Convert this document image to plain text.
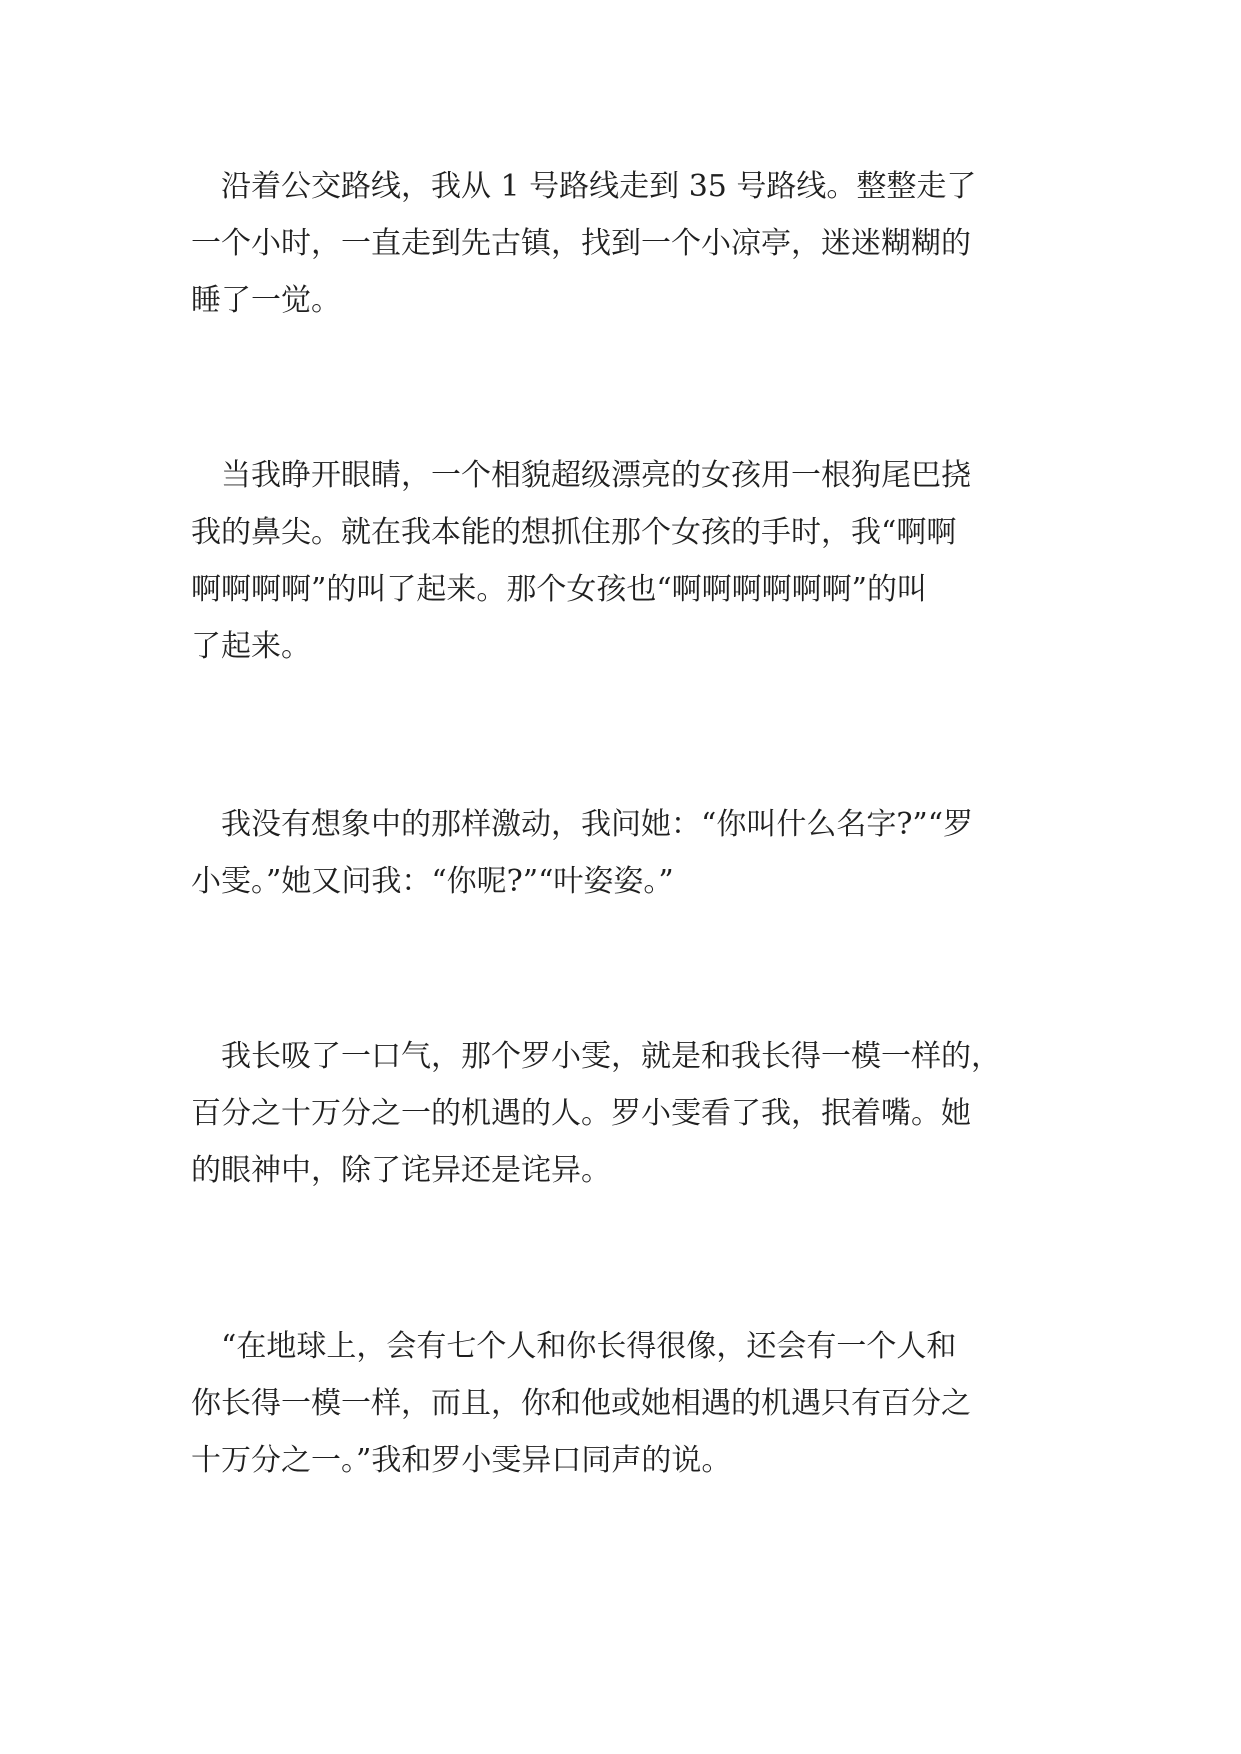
　沿着公交路线，我从 1 号路线走到 35 号路线。整整走了
一个小时，一直走到先古镇，找到一个小凉亭，迷迷糊糊的
睡了一觉。

　当我睁开眼睛，一个相貌超级漂亮的女孩用一根狗尾巴挠
我的鼻尖。就在我本能的想抓住那个女孩的手时，我“啊啊
啊啊啊啊”的叫了起来。那个女孩也“啊啊啊啊啊啊”的叫
了起来。

　我没有想象中的那样激动，我问她：“你叫什么名字?”“罗
小雯。”她又问我：“你呢?”“叶姿姿。”

　我长吸了一口气，那个罗小雯，就是和我长得一模一样的，
百分之十万分之一的机遇的人。罗小雯看了我，抿着嘴。她
的眼神中，除了诧异还是诧异。

　“在地球上，会有七个人和你长得很像，还会有一个人和
你长得一模一样，而且，你和他或她相遇的机遇只有百分之
十万分之一。”我和罗小雯异口同声的说。
